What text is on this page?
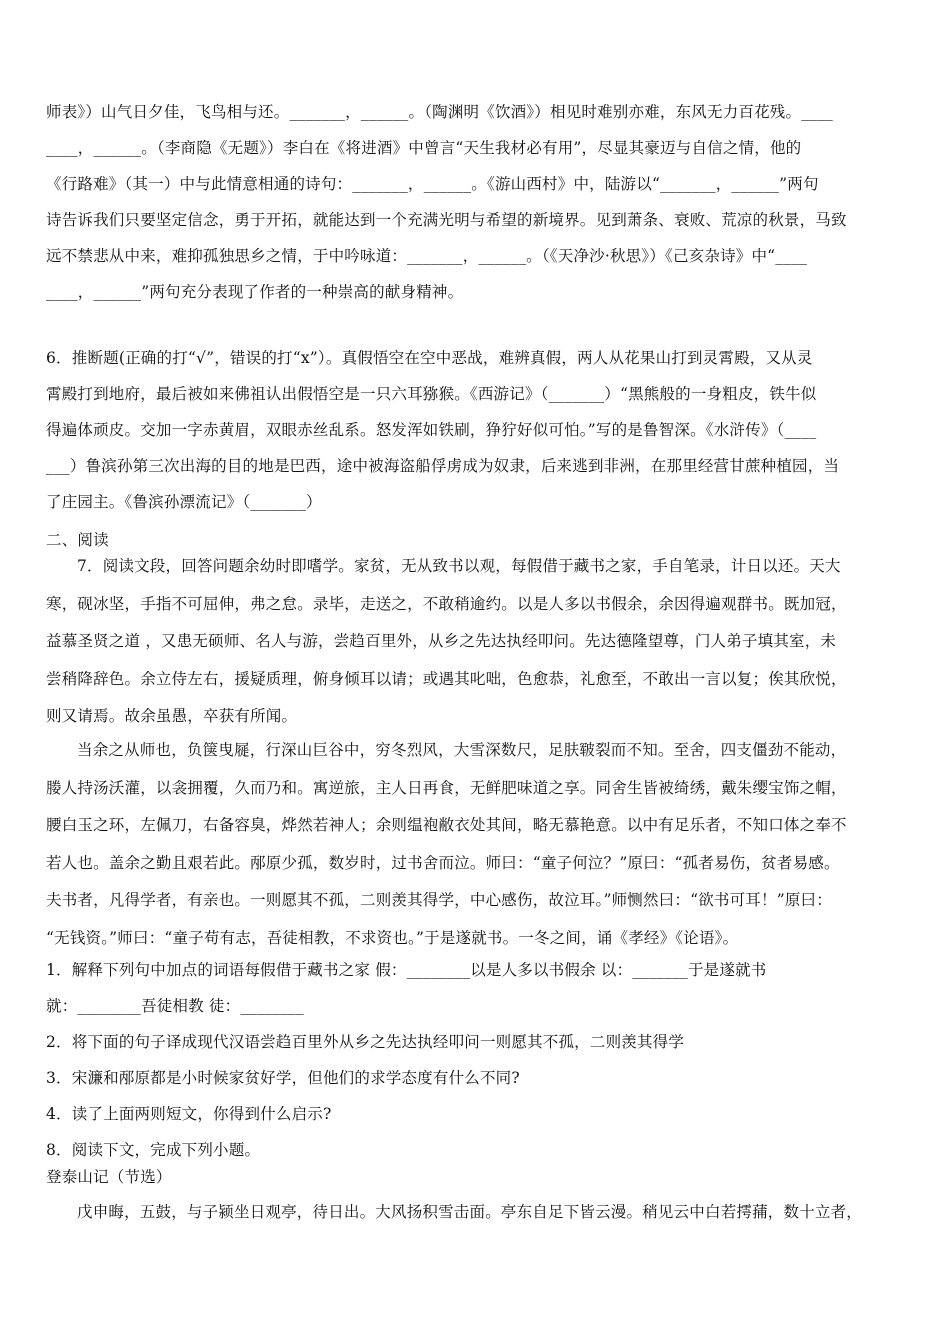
师表》）山气日夕佳，飞鸟相与还。_______，______。（陶渊明《饮酒》）相见时难别亦难，东风无力百花残。____
____，______。（李商隐《无题》）李白在《将进酒》中曾言“天生我材必有用”，尽显其豪迈与自信之情，他的
《行路难》（其一）中与此情意相通的诗句：_______，______。《游山西村》中，陆游以“_______，______”两句
诗告诉我们只要坚定信念，勇于开拓，就能达到一个充满光明与希望的新境界。见到萧条、衰败、荒凉的秋景，马致
远不禁悲从中来，难抑孤独思乡之情，于中吟咏道：_______，______。（《天净沙·秋思》）《己亥杂诗》中“____
____，______”两句充分表现了作者的一种崇高的献身精神。
6．推断题(正确的打“√”，错误的打“x”）。真假悟空在空中恶战，难辨真假，两人从花果山打到灵霄殿，又从灵
霄殿打到地府，最后被如来佛祖认出假悟空是一只六耳猕猴。《西游记》（_______）“黑熊般的一身粗皮，铁牛似
得遍体顽皮。交加一字赤黄眉，双眼赤丝乱系。怒发浑如铁刷，狰狞好似可怕。”写的是鲁智深。《水浒传》（____
___）鲁滨孙第三次出海的目的地是巴西，途中被海盗船俘虏成为奴隶，后来逃到非洲，在那里经营甘蔗种植园，当
了庄园主。《鲁滨孙漂流记》（_______）
二、阅读
7．阅读文段，回答问题余幼时即嗜学。家贫，无从致书以观，每假借于藏书之家，手自笔录，计日以还。天大
寒，砚冰坚，手指不可屈伸，弗之怠。录毕，走送之，不敢稍逾约。以是人多以书假余，余因得遍观群书。既加冠，
益慕圣贤之道 ，又患无硕师、名人与游，尝趋百里外，从乡之先达执经叩问。先达德隆望尊，门人弟子填其室，未
尝稍降辞色。余立侍左右，援疑质理，俯身倾耳以请；或遇其叱咄，色愈恭，礼愈至，不敢出一言以复；俟其欣悦，
则又请焉。故余虽愚，卒获有所闻。
当余之从师也，负箧曳屣，行深山巨谷中，穷冬烈风，大雪深数尺，足肤皲裂而不知。至舍，四支僵劲不能动，
媵人持汤沃灌，以衾拥覆，久而乃和。寓逆旅，主人日再食，无鲜肥味道之享。同舍生皆被绮绣，戴朱缨宝饰之帽，
腰白玉之环，左佩刀，右备容臭，烨然若神人；余则缊袍敝衣处其间，略无慕艳意。以中有足乐者，不知口体之奉不
若人也。盖余之勤且艰若此。邴原少孤，数岁时，过书舍而泣。师曰：“童子何泣？”原曰：“孤者易伤，贫者易感。
夫书者，凡得学者，有亲也。一则愿其不孤，二则羡其得学，中心感伤，故泣耳。”师恻然曰：“欲书可耳！”原曰：
“无钱资。”师曰：“童子苟有志，吾徒相教，不求资也。”于是遂就书。一冬之间，诵《孝经》《论语》。
1．解释下列句中加点的词语每假借于藏书之家 假：________以是人多以书假余 以：_______于是遂就书
就：________吾徒相教 徒：________
2．将下面的句子译成现代汉语尝趋百里外从乡之先达执经叩问一则愿其不孤，二则羡其得学
3．宋濂和邴原都是小时候家贫好学，但他们的求学态度有什么不同?
4．读了上面两则短文，你得到什么启示?
8．阅读下文，完成下列小题。
登泰山记（节选）
戊申晦，五鼓，与子颍坐日观亭，待日出。大风扬积雪击面。亭东自足下皆云漫。稍见云中白若摴蒱，数十立者，
